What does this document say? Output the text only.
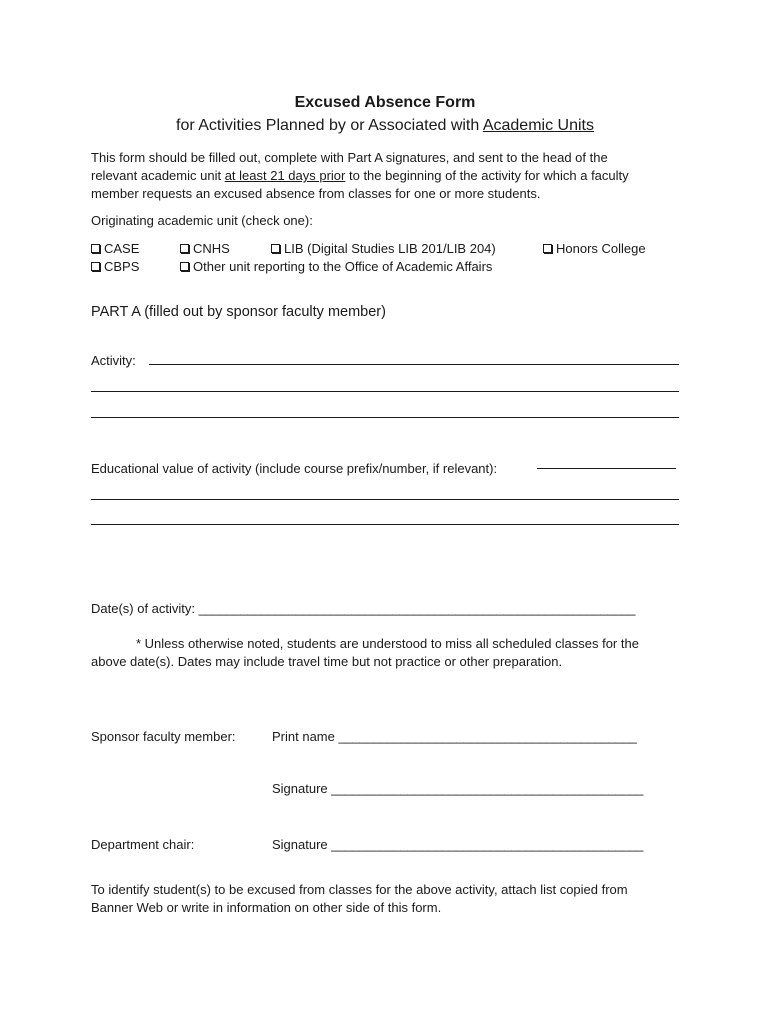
Excused Absence Form
for Activities Planned by or Associated with Academic Units
This form should be filled out, complete with Part A signatures, and sent to the head of the
relevant academic unit at least 21 days prior to the beginning of the activity for which a faculty
member requests an excused absence from classes for one or more students.
Originating academic unit (check one):
CASE	CNHS	LIB (Digital Studies LIB 201/LIB 204)	Honors College
CBPS	Other unit reporting to the Office of Academic Affairs
PART A (filled out by sponsor faculty member)
Activity:
Educational value of activity (include course prefix/number, if relevant):
Date(s) of activity: _______________________________________________________________
* Unless otherwise noted, students are understood to miss all scheduled classes for the
above date(s). Dates may include travel time but not practice or other preparation.
Sponsor faculty member:	Print name ___________________________________________
Signature _____________________________________________
Department chair:	Signature _____________________________________________
To identify student(s) to be excused from classes for the above activity, attach list copied from
Banner Web or write in information on other side of this form.
